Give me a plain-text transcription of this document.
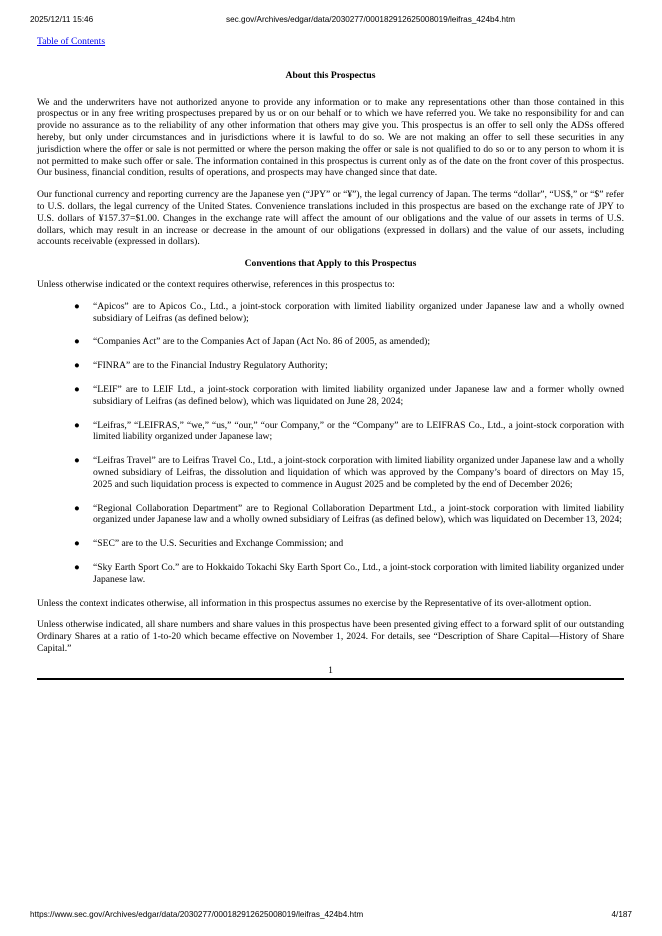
2025/12/11 15:46	sec.gov/Archives/edgar/data/2030277/000182912625008019/leifras_424b4.htm
Table of Contents
About this Prospectus

We and the underwriters have not authorized anyone to provide any information or to make any representations other than those contained in this prospectus or in any free writing prospectuses prepared by us or on our behalf or to which we have referred you. We take no responsibility for and can provide no assurance as to the reliability of any other information that others may give you. This prospectus is an offer to sell only the ADSs offered hereby, but only under circumstances and in jurisdictions where it is lawful to do so. We are not making an offer to sell these securities in any jurisdiction where the offer or sale is not permitted or where the person making the offer or sale is not qualified to do so or to any person to whom it is not permitted to make such offer or sale. The information contained in this prospectus is current only as of the date on the front cover of this prospectus. Our business, financial condition, results of operations, and prospects may have changed since that date.

Our functional currency and reporting currency are the Japanese yen (“JPY” or “¥”), the legal currency of Japan. The terms “dollar”, “US$,” or “$” refer to U.S. dollars, the legal currency of the United States. Convenience translations included in this prospectus are based on the exchange rate of JPY to U.S. dollars of ¥157.37=$1.00. Changes in the exchange rate will affect the amount of our obligations and the value of our assets in terms of U.S. dollars, which may result in an increase or decrease in the amount of our obligations (expressed in dollars) and the value of our assets, including accounts receivable (expressed in dollars).

Conventions that Apply to this Prospectus

Unless otherwise indicated or the context requires otherwise, references in this prospectus to:

● “Apicos” are to Apicos Co., Ltd., a joint-stock corporation with limited liability organized under Japanese law and a wholly owned subsidiary of Leifras (as defined below);
● “Companies Act” are to the Companies Act of Japan (Act No. 86 of 2005, as amended);
● “FINRA” are to the Financial Industry Regulatory Authority;
● “LEIF” are to LEIF Ltd., a joint-stock corporation with limited liability organized under Japanese law and a former wholly owned subsidiary of Leifras (as defined below), which was liquidated on June 28, 2024;
● “Leifras,” “LEIFRAS,” “we,” “us,” “our,” “our Company,” or the “Company” are to LEIFRAS Co., Ltd., a joint-stock corporation with limited liability organized under Japanese law;
● “Leifras Travel” are to Leifras Travel Co., Ltd., a joint-stock corporation with limited liability organized under Japanese law and a wholly owned subsidiary of Leifras, the dissolution and liquidation of which was approved by the Company’s board of directors on May 15, 2025 and such liquidation process is expected to commence in August 2025 and be completed by the end of December 2026;
● “Regional Collaboration Department” are to Regional Collaboration Department Ltd., a joint-stock corporation with limited liability organized under Japanese law and a wholly owned subsidiary of Leifras (as defined below), which was liquidated on December 13, 2024;
● “SEC” are to the U.S. Securities and Exchange Commission; and
● “Sky Earth Sport Co.” are to Hokkaido Tokachi Sky Earth Sport Co., Ltd., a joint-stock corporation with limited liability organized under Japanese law.

Unless the context indicates otherwise, all information in this prospectus assumes no exercise by the Representative of its over-allotment option.

Unless otherwise indicated, all share numbers and share values in this prospectus have been presented giving effect to a forward split of our outstanding Ordinary Shares at a ratio of 1-to-20 which became effective on November 1, 2024. For details, see “Description of Share Capital—History of Share Capital.”

1
https://www.sec.gov/Archives/edgar/data/2030277/000182912625008019/leifras_424b4.htm	4/187
